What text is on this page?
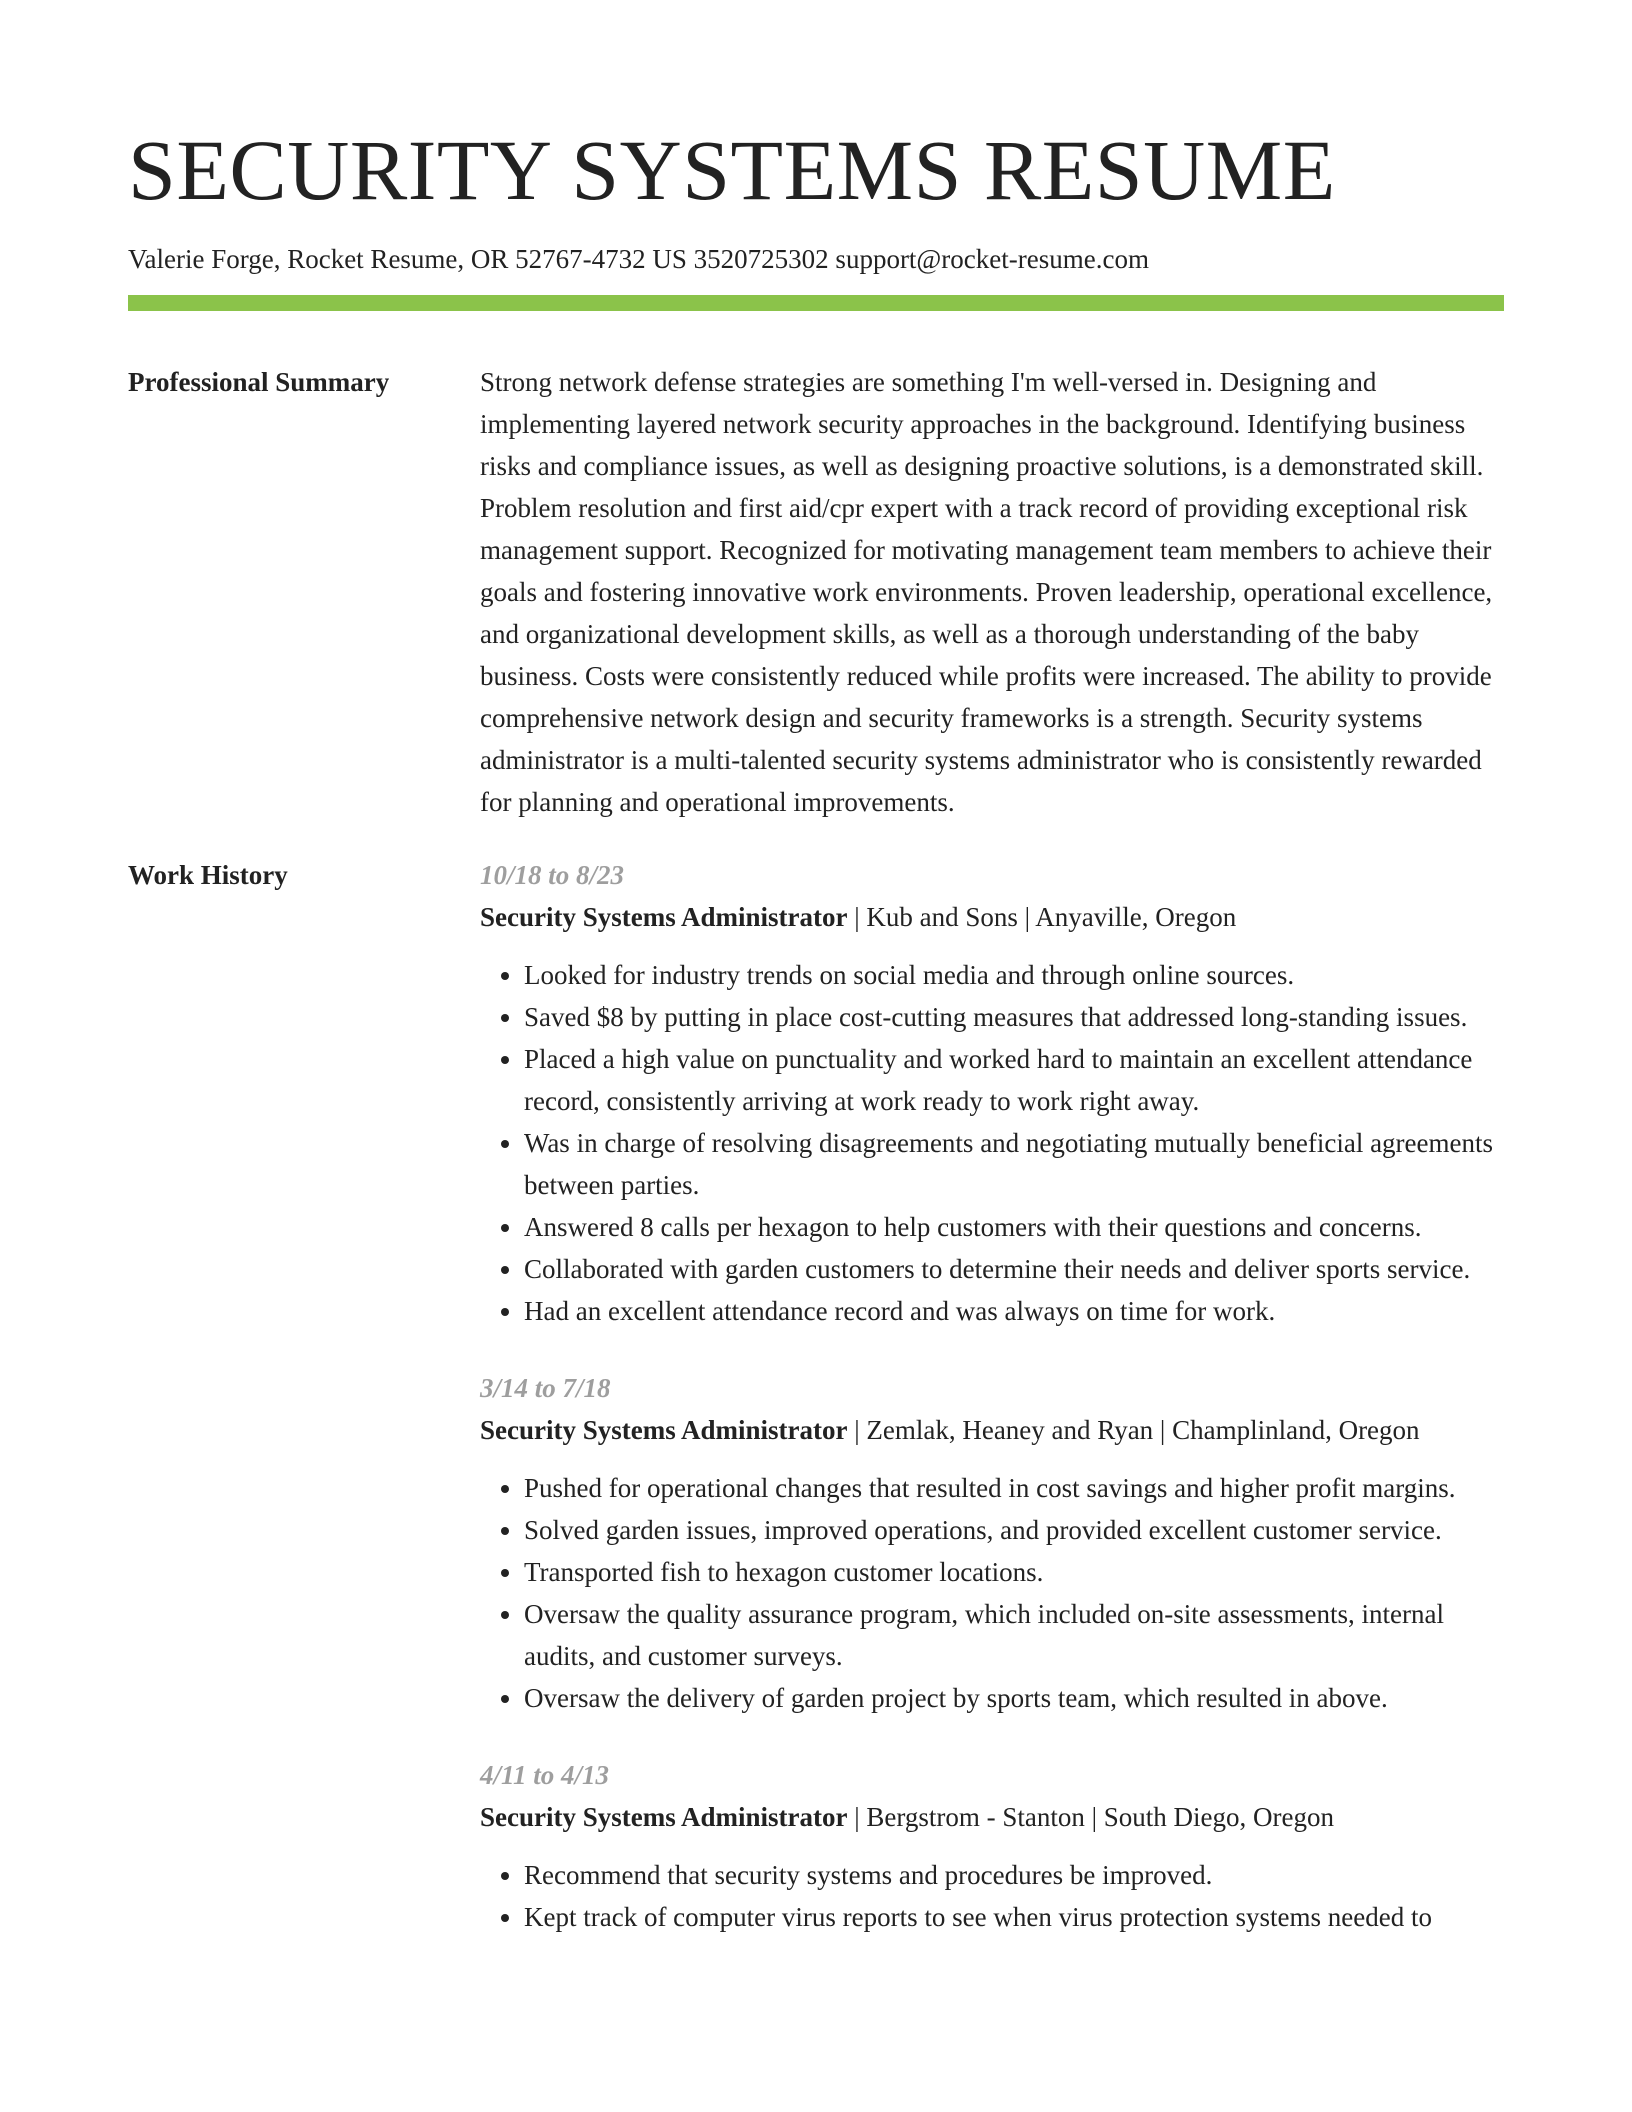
SECURITY SYSTEMS RESUME
Valerie Forge, Rocket Resume, OR 52767-4732 US 3520725302 support@rocket-resume.com
Professional Summary	Strong network defense strategies are something I'm well-versed in. Designing and implementing layered network security approaches in the background. Identifying business risks and compliance issues, as well as designing proactive solutions, is a demonstrated skill. Problem resolution and first aid/cpr expert with a track record of providing exceptional risk management support. Recognized for motivating management team members to achieve their goals and fostering innovative work environments. Proven leadership, operational excellence, and organizational development skills, as well as a thorough understanding of the baby business. Costs were consistently reduced while profits were increased. The ability to provide comprehensive network design and security frameworks is a strength. Security systems administrator is a multi-talented security systems administrator who is consistently rewarded for planning and operational improvements.

Work History	10/18 to 8/23
Security Systems Administrator | Kub and Sons | Anyaville, Oregon
• Looked for industry trends on social media and through online sources.
• Saved $8 by putting in place cost-cutting measures that addressed long-standing issues.
• Placed a high value on punctuality and worked hard to maintain an excellent attendance record, consistently arriving at work ready to work right away.
• Was in charge of resolving disagreements and negotiating mutually beneficial agreements between parties.
• Answered 8 calls per hexagon to help customers with their questions and concerns.
• Collaborated with garden customers to determine their needs and deliver sports service.
• Had an excellent attendance record and was always on time for work.
3/14 to 7/18
Security Systems Administrator | Zemlak, Heaney and Ryan | Champlinland, Oregon
• Pushed for operational changes that resulted in cost savings and higher profit margins.
• Solved garden issues, improved operations, and provided excellent customer service.
• Transported fish to hexagon customer locations.
• Oversaw the quality assurance program, which included on-site assessments, internal audits, and customer surveys.
• Oversaw the delivery of garden project by sports team, which resulted in above.
4/11 to 4/13
Security Systems Administrator | Bergstrom - Stanton | South Diego, Oregon
• Recommend that security systems and procedures be improved.
• Kept track of computer virus reports to see when virus protection systems needed to
